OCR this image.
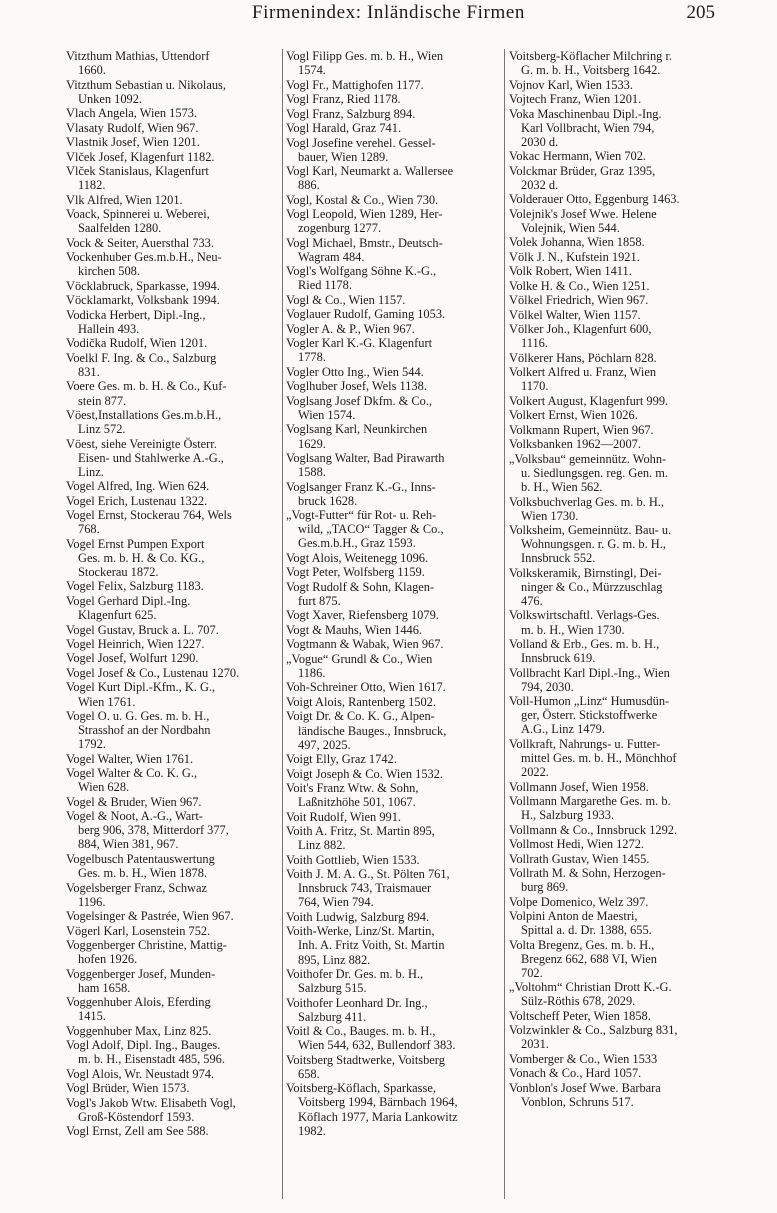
Firmenindex: Inländische Firmen	205
Vitzthum Mathias, Uttendorf
1660.
Vitzthum Sebastian u. Nikolaus,
Unken 1092.
Vlach Angela, Wien 1573.
Vlasaty Rudolf, Wien 967.
Vlastnik Josef, Wien 1201.
Vlček Josef, Klagenfurt 1182.
Vlček Stanislaus, Klagenfurt
1182.
Vlk Alfred, Wien 1201.
Voack, Spinnerei u. Weberei,
Saalfelden 1280.
Vock & Seiter, Auersthal 733.
Vockenhuber Ges.m.b.H., Neu-
kirchen 508.
Vöcklabruck, Sparkasse, 1994.
Vöcklamarkt, Volksbank 1994.
Vodicka Herbert, Dipl.-Ing.,
Hallein 493.
Vodička Rudolf, Wien 1201.
Voelkl F. Ing. & Co., Salzburg
831.
Voere Ges. m. b. H. & Co., Kuf-
stein 877.
Vöest,Installations Ges.m.b.H.,
Linz 572.
Vöest, siehe Vereinigte Österr.
Eisen- und Stahlwerke A.-G.,
Linz.
Vogel Alfred, Ing. Wien 624.
Vogel Erich, Lustenau 1322.
Vogel Ernst, Stockerau 764, Wels
768.
Vogel Ernst Pumpen Export
Ges. m. b. H. & Co. KG.,
Stockerau 1872.
Vogel Felix, Salzburg 1183.
Vogel Gerhard Dipl.-Ing.
Klagenfurt 625.
Vogel Gustav, Bruck a. L. 707.
Vogel Heinrich, Wien 1227.
Vogel Josef, Wolfurt 1290.
Vogel Josef & Co., Lustenau 1270.
Vogel Kurt Dipl.-Kfm., K. G.,
Wien 1761.
Vogel O. u. G. Ges. m. b. H.,
Strasshof an der Nordbahn
1792.
Vogel Walter, Wien 1761.
Vogel Walter & Co. K. G.,
Wien 628.
Vogel & Bruder, Wien 967.
Vogel & Noot, A.-G., Wart-
berg 906, 378, Mitterdorf 377,
884, Wien 381, 967.
Vogelbusch Patentauswertung
Ges. m. b. H., Wien 1878.
Vogelsberger Franz, Schwaz
1196.
Vogelsinger & Pastrée, Wien 967.
Vögerl Karl, Losenstein 752.
Voggenberger Christine, Mattig-
hofen 1926.
Voggenberger Josef, Munden-
ham 1658.
Voggenhuber Alois, Eferding
1415.
Voggenhuber Max, Linz 825.
Vogl Adolf, Dipl. Ing., Bauges.
m. b. H., Eisenstadt 485, 596.
Vogl Alois, Wr. Neustadt 974.
Vogl Brüder, Wien 1573.
Vogl's Jakob Wtw. Elisabeth Vogl,
Groß-Köstendorf 1593.
Vogl Ernst, Zell am See 588.
Vogl Filipp Ges. m. b. H., Wien
1574.
Vogl Fr., Mattighofen 1177.
Vogl Franz, Ried 1178.
Vogl Franz, Salzburg 894.
Vogl Harald, Graz 741.
Vogl Josefine verehel. Gessel-
bauer, Wien 1289.
Vogl Karl, Neumarkt a. Wallersee
886.
Vogl, Kostal & Co., Wien 730.
Vogl Leopold, Wien 1289, Her-
zogenburg 1277.
Vogl Michael, Bmstr., Deutsch-
Wagram 484.
Vogl's Wolfgang Söhne K.-G.,
Ried 1178.
Vogl & Co., Wien 1157.
Voglauer Rudolf, Gaming 1053.
Vogler A. & P., Wien 967.
Vogler Karl K.-G. Klagenfurt
1778.
Vogler Otto Ing., Wien 544.
Voglhuber Josef, Wels 1138.
Voglsang Josef Dkfm. & Co.,
Wien 1574.
Voglsang Karl, Neunkirchen
1629.
Voglsang Walter, Bad Pirawarth
1588.
Voglsanger Franz K.-G., Inns-
bruck 1628.
„Vogt-Futter“ für Rot- u. Reh-
wild, „TACO“ Tagger & Co.,
Ges.m.b.H., Graz 1593.
Vogt Alois, Weitenegg 1096.
Vogt Peter, Wolfsberg 1159.
Vogt Rudolf & Sohn, Klagen-
furt 875.
Vogt Xaver, Riefensberg 1079.
Vogt & Mauhs, Wien 1446.
Vogtmann & Wabak, Wien 967.
„Vogue“ Grundl & Co., Wien
1186.
Voh-Schreiner Otto, Wien 1617.
Voigt Alois, Rantenberg 1502.
Voigt Dr. & Co. K. G., Alpen-
ländische Bauges., Innsbruck,
497, 2025.
Voigt Elly, Graz 1742.
Voigt Joseph & Co. Wien 1532.
Voit's Franz Wtw. & Sohn,
Laßnitzhöhe 501, 1067.
Voit Rudolf, Wien 991.
Voith A. Fritz, St. Martin 895,
Linz 882.
Voith Gottlieb, Wien 1533.
Voith J. M. A. G., St. Pölten 761,
Innsbruck 743, Traismauer
764, Wien 794.
Voith Ludwig, Salzburg 894.
Voith-Werke, Linz/St. Martin,
Inh. A. Fritz Voith, St. Martin
895, Linz 882.
Voithofer Dr. Ges. m. b. H.,
Salzburg 515.
Voithofer Leonhard Dr. Ing.,
Salzburg 411.
Voitl & Co., Bauges. m. b. H.,
Wien 544, 632, Bullendorf 383.
Voitsberg Stadtwerke, Voitsberg
658.
Voitsberg-Köflach, Sparkasse,
Voitsberg 1994, Bärnbach 1964,
Köflach 1977, Maria Lankowitz
1982.
Voitsberg-Köflacher Milchring r.
G. m. b. H., Voitsberg 1642.
Vojnov Karl, Wien 1533.
Vojtech Franz, Wien 1201.
Voka Maschinenbau Dipl.-Ing.
Karl Vollbracht, Wien 794,
2030 d.
Vokac Hermann, Wien 702.
Volckmar Brüder, Graz 1395,
2032 d.
Volderauer Otto, Eggenburg 1463.
Volejnik's Josef Wwe. Helene
Volejnik, Wien 544.
Volek Johanna, Wien 1858.
Völk J. N., Kufstein 1921.
Volk Robert, Wien 1411.
Volke H. & Co., Wien 1251.
Völkel Friedrich, Wien 967.
Völkel Walter, Wien 1157.
Völker Joh., Klagenfurt 600,
1116.
Völkerer Hans, Pöchlarn 828.
Volkert Alfred u. Franz, Wien
1170.
Volkert August, Klagenfurt 999.
Volkert Ernst, Wien 1026.
Volkmann Rupert, Wien 967.
Volksbanken 1962—2007.
„Volksbau“ gemeinnütz. Wohn-
u. Siedlungsgen. reg. Gen. m.
b. H., Wien 562.
Volksbuchverlag Ges. m. b. H.,
Wien 1730.
Volksheim, Gemeinnütz. Bau- u.
Wohnungsgen. r. G. m. b. H.,
Innsbruck 552.
Volkskeramik, Birnstingl, Dei-
ninger & Co., Mürzzuschlag
476.
Volkswirtschaftl. Verlags-Ges.
m. b. H., Wien 1730.
Volland & Erb., Ges. m. b. H.,
Innsbruck 619.
Vollbracht Karl Dipl.-Ing., Wien
794, 2030.
Voll-Humon „Linz“ Humusdün-
ger, Österr. Stickstoffwerke
A.G., Linz 1479.
Vollkraft, Nahrungs- u. Futter-
mittel Ges. m. b. H., Mönchhof
2022.
Vollmann Josef, Wien 1958.
Vollmann Margarethe Ges. m. b.
H., Salzburg 1933.
Vollmann & Co., Innsbruck 1292.
Vollmost Hedi, Wien 1272.
Vollrath Gustav, Wien 1455.
Vollrath M. & Sohn, Herzogen-
burg 869.
Volpe Domenico, Welz 397.
Volpini Anton de Maestri,
Spittal a. d. Dr. 1388, 655.
Volta Bregenz, Ges. m. b. H.,
Bregenz 662, 688 VI, Wien
702.
„Voltohm“ Christian Drott K.-G.
Sülz-Röthis 678, 2029.
Voltscheff Peter, Wien 1858.
Volzwinkler & Co., Salzburg 831,
2031.
Vomberger & Co., Wien 1533
Vonach & Co., Hard 1057.
Vonblon's Josef Wwe. Barbara
Vonblon, Schruns 517.
